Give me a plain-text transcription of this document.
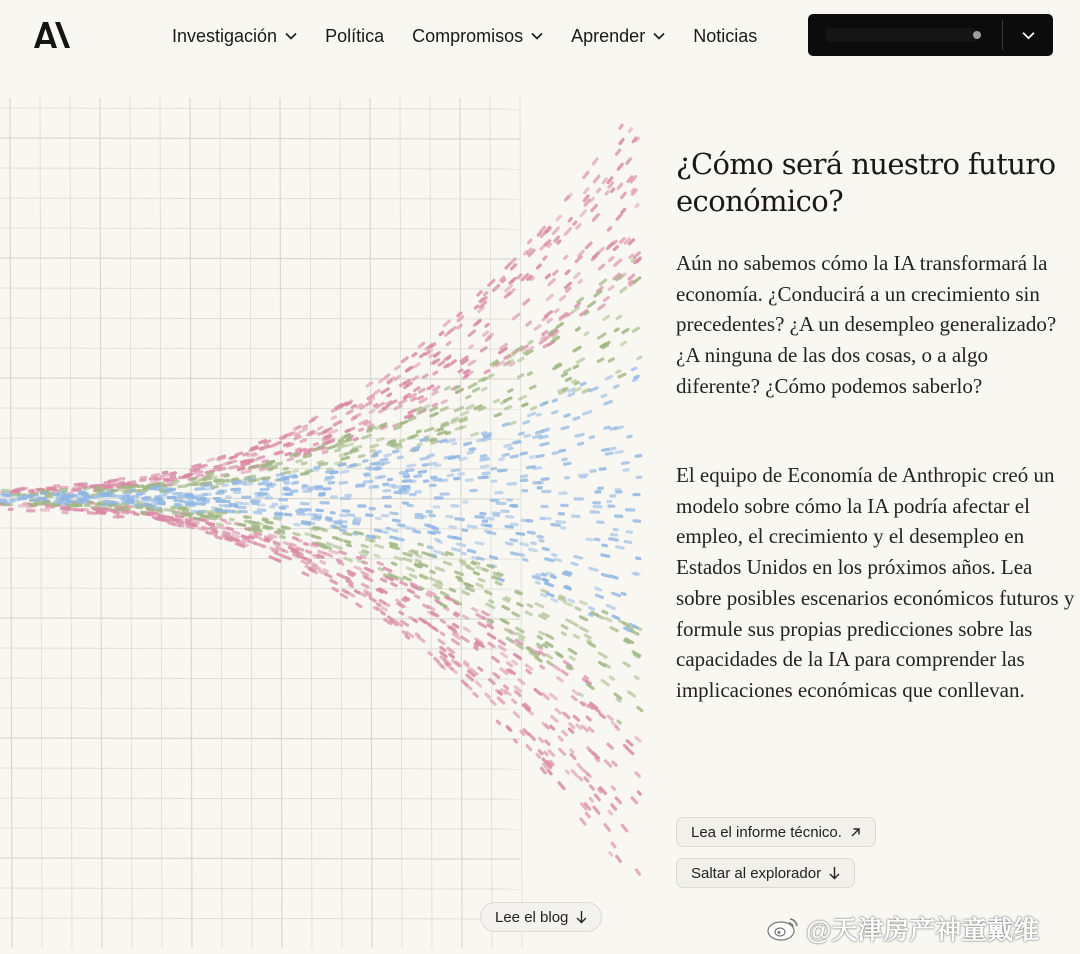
Investigación	Política Compromisos	Aprender	Noticias
¿Cómo será nuestro futuro económico?

Aún no sabemos cómo la IA transformará la economía. ¿Conducirá a un crecimiento sin precedentes? ¿A un desempleo generalizado? ¿A ninguna de las dos cosas, o a algo diferente? ¿Cómo podemos saberlo?

El equipo de Economía de Anthropic creó un modelo sobre cómo la IA podría afectar el empleo, el crecimiento y el desempleo en Estados Unidos en los próximos años. Lea sobre posibles escenarios económicos futuros y formule sus propias predicciones sobre las capacidades de la IA para comprender las implicaciones económicas que conllevan.

Lea el informe técnico.
Saltar al explorador
Lee el blog	@天津房产神童戴维
